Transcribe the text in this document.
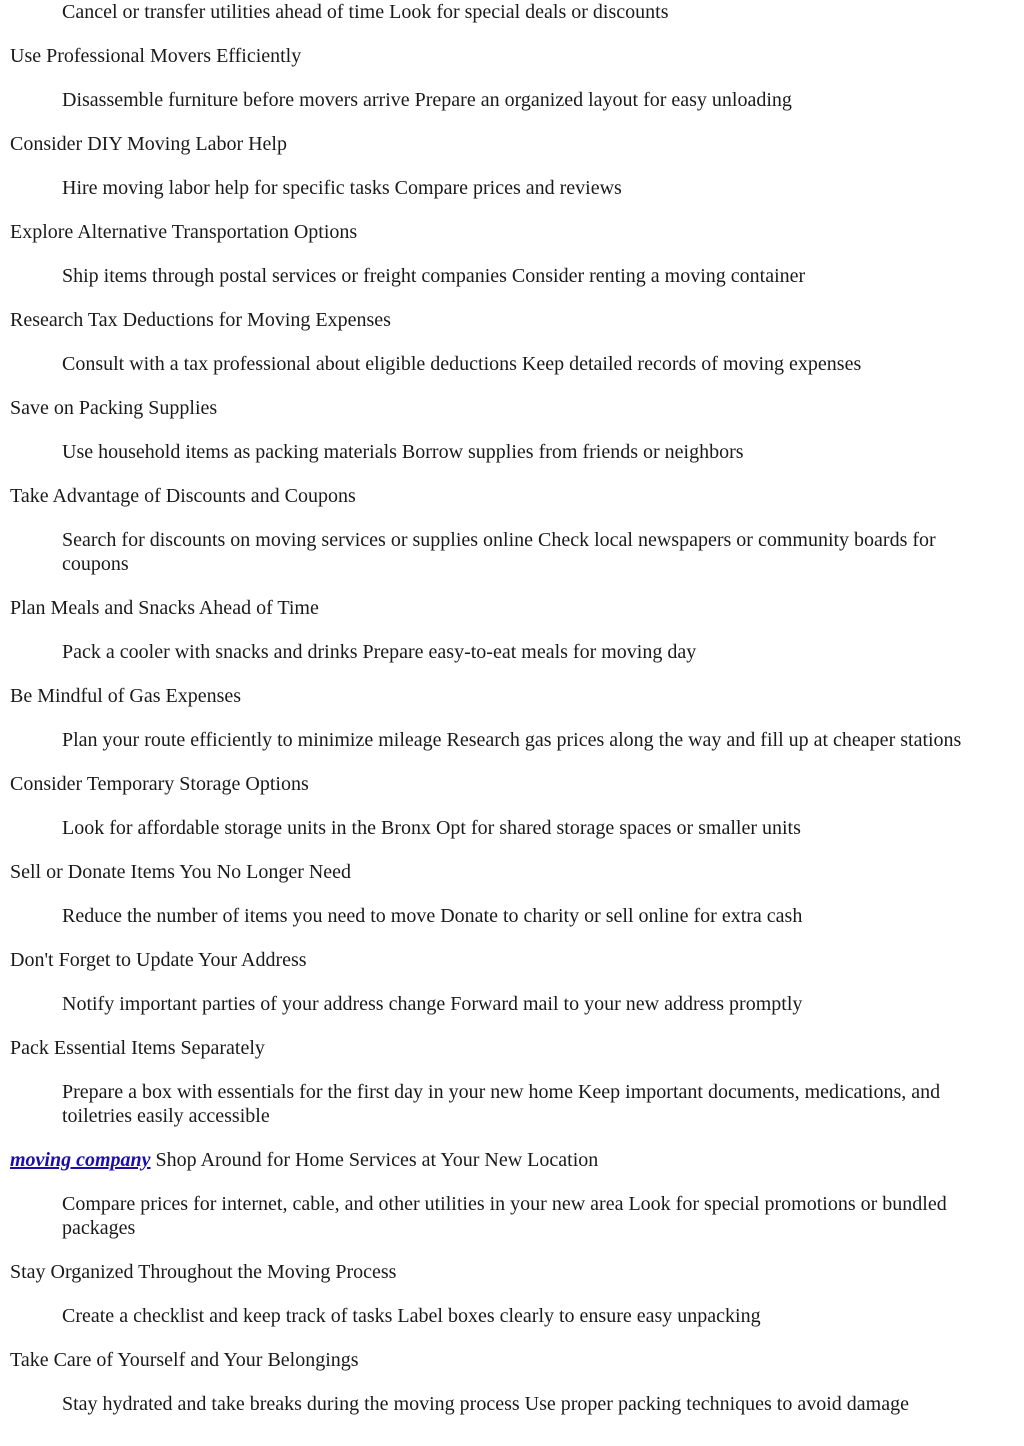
Cancel or transfer utilities ahead of time Look for special deals or discounts

Use Professional Movers Efficiently

Disassemble furniture before movers arrive Prepare an organized layout for easy unloading

Consider DIY Moving Labor Help

Hire moving labor help for specific tasks Compare prices and reviews

Explore Alternative Transportation Options

Ship items through postal services or freight companies Consider renting a moving container

Research Tax Deductions for Moving Expenses

Consult with a tax professional about eligible deductions Keep detailed records of moving expenses

Save on Packing Supplies

Use household items as packing materials Borrow supplies from friends or neighbors

Take Advantage of Discounts and Coupons

Search for discounts on moving services or supplies online Check local newspapers or community boards for coupons

Plan Meals and Snacks Ahead of Time

Pack a cooler with snacks and drinks Prepare easy-to-eat meals for moving day

Be Mindful of Gas Expenses

Plan your route efficiently to minimize mileage Research gas prices along the way and fill up at cheaper stations

Consider Temporary Storage Options

Look for affordable storage units in the Bronx Opt for shared storage spaces or smaller units

Sell or Donate Items You No Longer Need

Reduce the number of items you need to move Donate to charity or sell online for extra cash

Don't Forget to Update Your Address

Notify important parties of your address change Forward mail to your new address promptly

Pack Essential Items Separately

Prepare a box with essentials for the first day in your new home Keep important documents, medications, and toiletries easily accessible

moving company Shop Around for Home Services at Your New Location

Compare prices for internet, cable, and other utilities in your new area Look for special promotions or bundled packages

Stay Organized Throughout the Moving Process

Create a checklist and keep track of tasks Label boxes clearly to ensure easy unpacking

Take Care of Yourself and Your Belongings

Stay hydrated and take breaks during the moving process Use proper packing techniques to avoid damage
